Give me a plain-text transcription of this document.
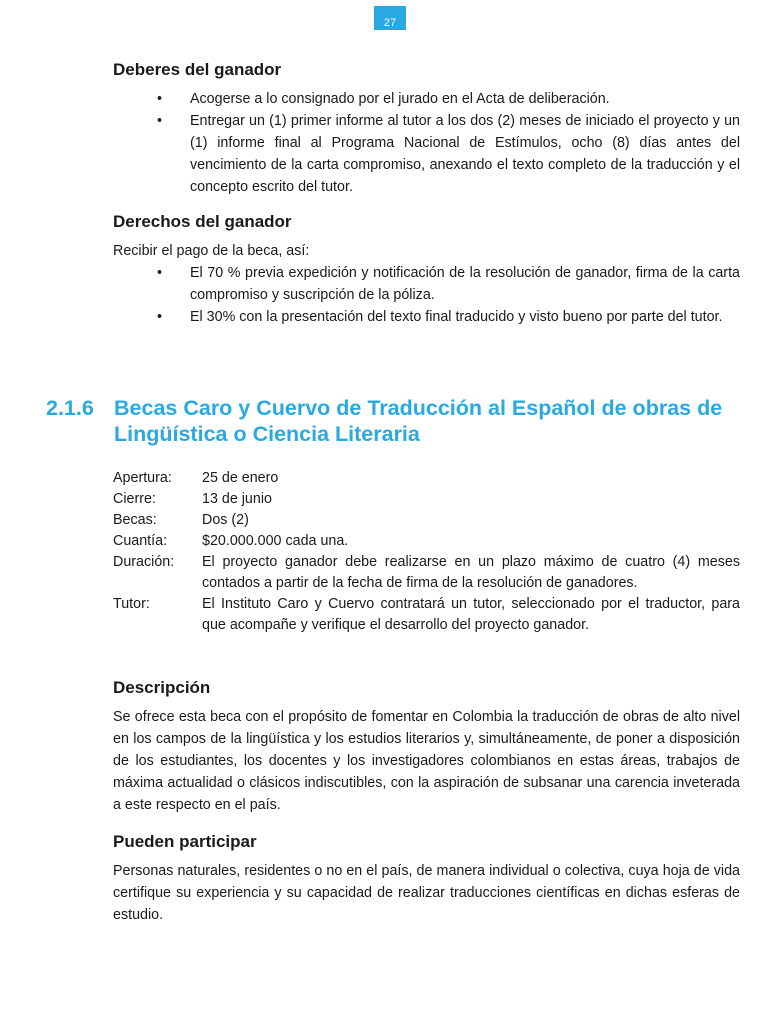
27
Deberes del ganador
• Acogerse a lo consignado por el jurado en el Acta de deliberación.
• Entregar un (1) primer informe al tutor a los dos (2) meses de iniciado el proyecto y un (1) informe final al Programa Nacional de Estímulos, ocho (8) días antes del vencimiento de la carta compromiso, anexando el texto completo de la traducción y el concepto escrito del tutor.
Derechos del ganador

Recibir el pago de la beca, así:

• El 70 % previa expedición y notificación de la resolución de ganador, firma de la carta compromiso y suscripción de la póliza.
• El 30% con la presentación del texto final traducido y visto bueno por parte del tutor.
2.1.6 Becas Caro y Cuervo de Traducción al Español de obras de Lingüística o Ciencia Literaria
Apertura: 25 de enero
Cierre:	13 de junio
Becas:	Dos (2)
Cuantía: $20.000.000 cada una.
Duración: El proyecto ganador debe realizarse en un plazo máximo de cuatro (4) meses contados a partir de la fecha de firma de la resolución de ganadores.
Tutor:	El Instituto Caro y Cuervo contratará un tutor, seleccionado por el traductor, para que acompañe y verifique el desarrollo del proyecto ganador.
Descripción

Se ofrece esta beca con el propósito de fomentar en Colombia la traducción de obras de alto nivel en los campos de la lingüística y los estudios literarios y, simultáneamente, de poner a disposición de los estudiantes, los docentes y los investigadores colombianos en estas áreas, trabajos de máxima actualidad o clásicos indiscutibles, con la aspiración de subsanar una carencia inveterada a este respecto en el país.

Pueden participar

Personas naturales, residentes o no en el país, de manera individual o colectiva, cuya hoja de vida certifique su experiencia y su capacidad de realizar traducciones científicas en dichas esferas de estudio.
